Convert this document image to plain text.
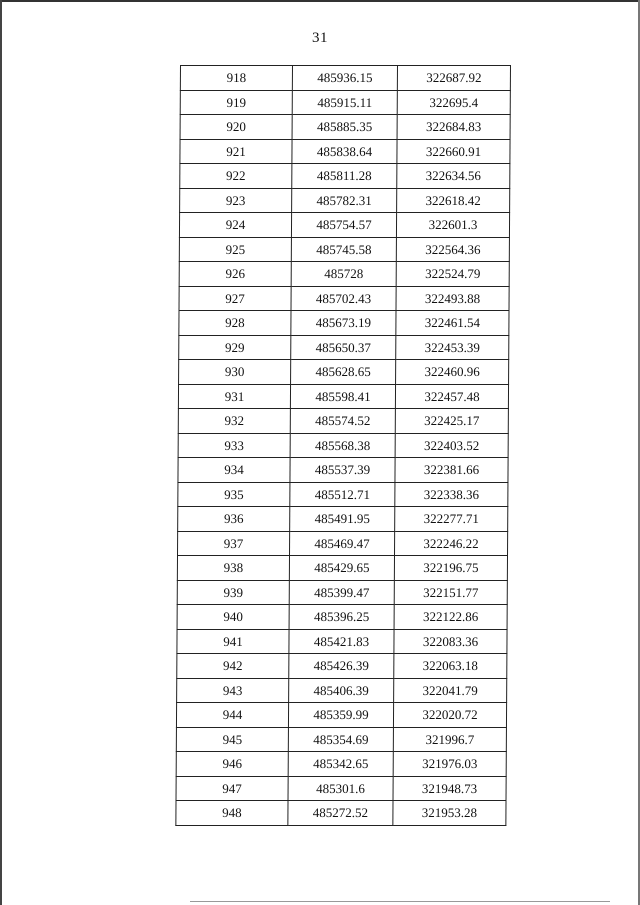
31
918	485936.15	322687.92
919	485915.11	322695.4
920	485885.35	322684.83
921	485838.64	322660.91
922	485811.28	322634.56
923	485782.31	322618.42
924	485754.57	322601.3
925	485745.58	322564.36
926	485728	322524.79
927	485702.43	322493.88
928	485673.19	322461.54
929	485650.37	322453.39
930	485628.65	322460.96
931	485598.41	322457.48
932	485574.52	322425.17
933	485568.38	322403.52
934	485537.39	322381.66
935	485512.71	322338.36
936	485491.95	322277.71
937	485469.47	322246.22
938	485429.65	322196.75
939	485399.47	322151.77
940	485396.25	322122.86
941	485421.83	322083.36
942	485426.39	322063.18
943	485406.39	322041.79
944	485359.99	322020.72
945	485354.69	321996.7
946	485342.65	321976.03
947	485301.6	321948.73
948	485272.52	321953.28
